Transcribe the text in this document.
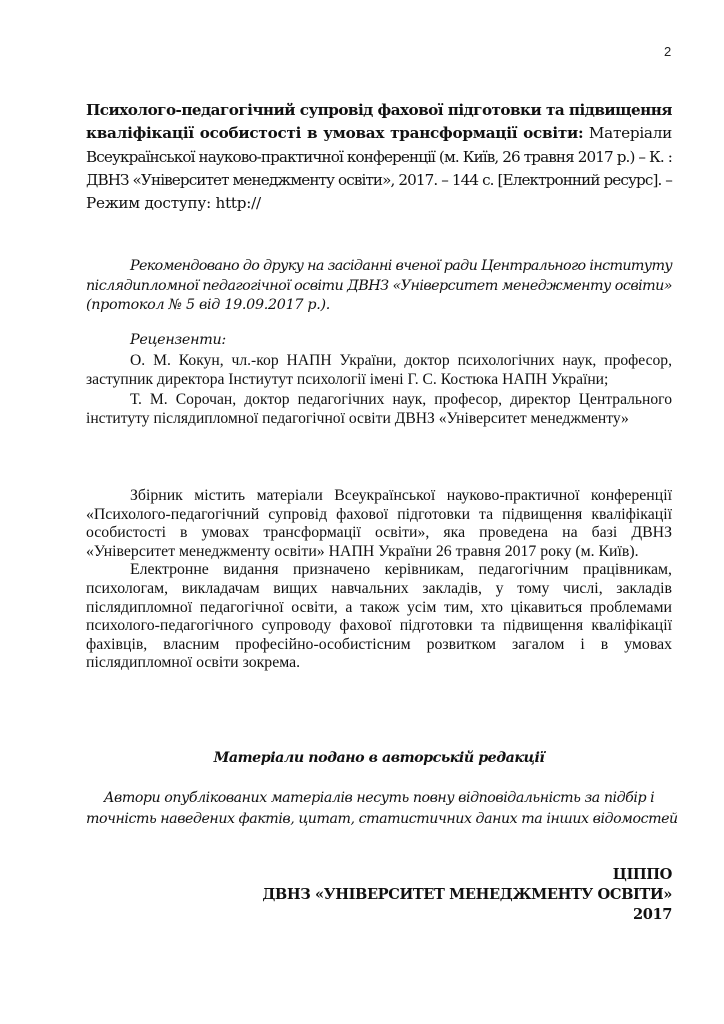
2
Психолого-педагогічний супровід фахової підготовки та підвищення
кваліфікації особистості в умовах трансформації освіти: Матеріали
Всеукраїнської науково-практичної конференції (м. Київ, 26 травня 2017 р.) – К. :
ДВНЗ «Університет менеджменту освіти», 2017. – 144 с. [Електронний ресурс]. –
Режим доступу: http://
Рекомендовано до друку на засіданні вченої ради Центрального інституту
післядипломної педагогічної освіти ДВНЗ «Університет менеджменту освіти»
(протокол № 5 від 19.09.2017 р.).
Рецензенти:
О. М. Кокун, чл.-кор НАПН України, доктор психологічних наук, професор,
заступник директора Інстиутут психології імені Г. С. Костюка НАПН України;
Т. М. Сорочан, доктор педагогічних наук, професор, директор Центрального
інституту післядипломної педагогічної освіти ДВНЗ «Університет менеджменту»
Збірник містить матеріали Всеукраїнської науково-практичної конференції
«Психолого-педагогічний супровід фахової підготовки та підвищення кваліфікації
особистості в умовах трансформації освіти», яка проведена на базі ДВНЗ
«Університет менеджменту освіти» НАПН України 26 травня 2017 року (м. Київ).
Електронне видання призначено керівникам, педагогічним працівникам,
психологам, викладачам вищих навчальних закладів, у тому числі, закладів
післядипломної педагогічної освіти, а також усім тим, хто цікавиться проблемами
психолого-педагогічного супроводу фахової підготовки та підвищення кваліфікації
фахівців, власним професійно-особистісним розвитком загалом і в умовах
післядипломної освіти зокрема.
Матеріали подано в авторській редакції
Автори опублікованих матеріалів несуть повну відповідальність за підбір і
точність наведених фактів, цитат, статистичних даних та інших відомостей
ЦІППО
ДВНЗ «УНІВЕРСИТЕТ МЕНЕДЖМЕНТУ ОСВІТИ»
2017
